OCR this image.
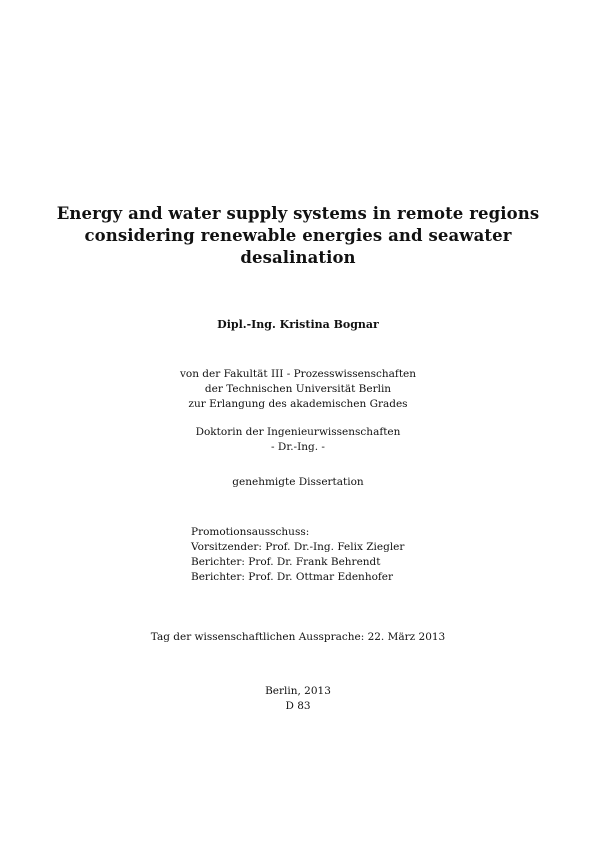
Energy and water supply systems in remote regions
considering renewable energies and seawater
desalination
Dipl.-Ing. Kristina Bognar
von der Fakultät III - Prozesswissenschaften
der Technischen Universität Berlin
zur Erlangung des akademischen Grades
Doktorin der Ingenieurwissenschaften
- Dr.-Ing. -
genehmigte Dissertation
Promotionsausschuss:
Vorsitzender: Prof. Dr.-Ing. Felix Ziegler
Berichter: Prof. Dr. Frank Behrendt
Berichter: Prof. Dr. Ottmar Edenhofer
Tag der wissenschaftlichen Aussprache: 22. März 2013
Berlin, 2013
D 83
